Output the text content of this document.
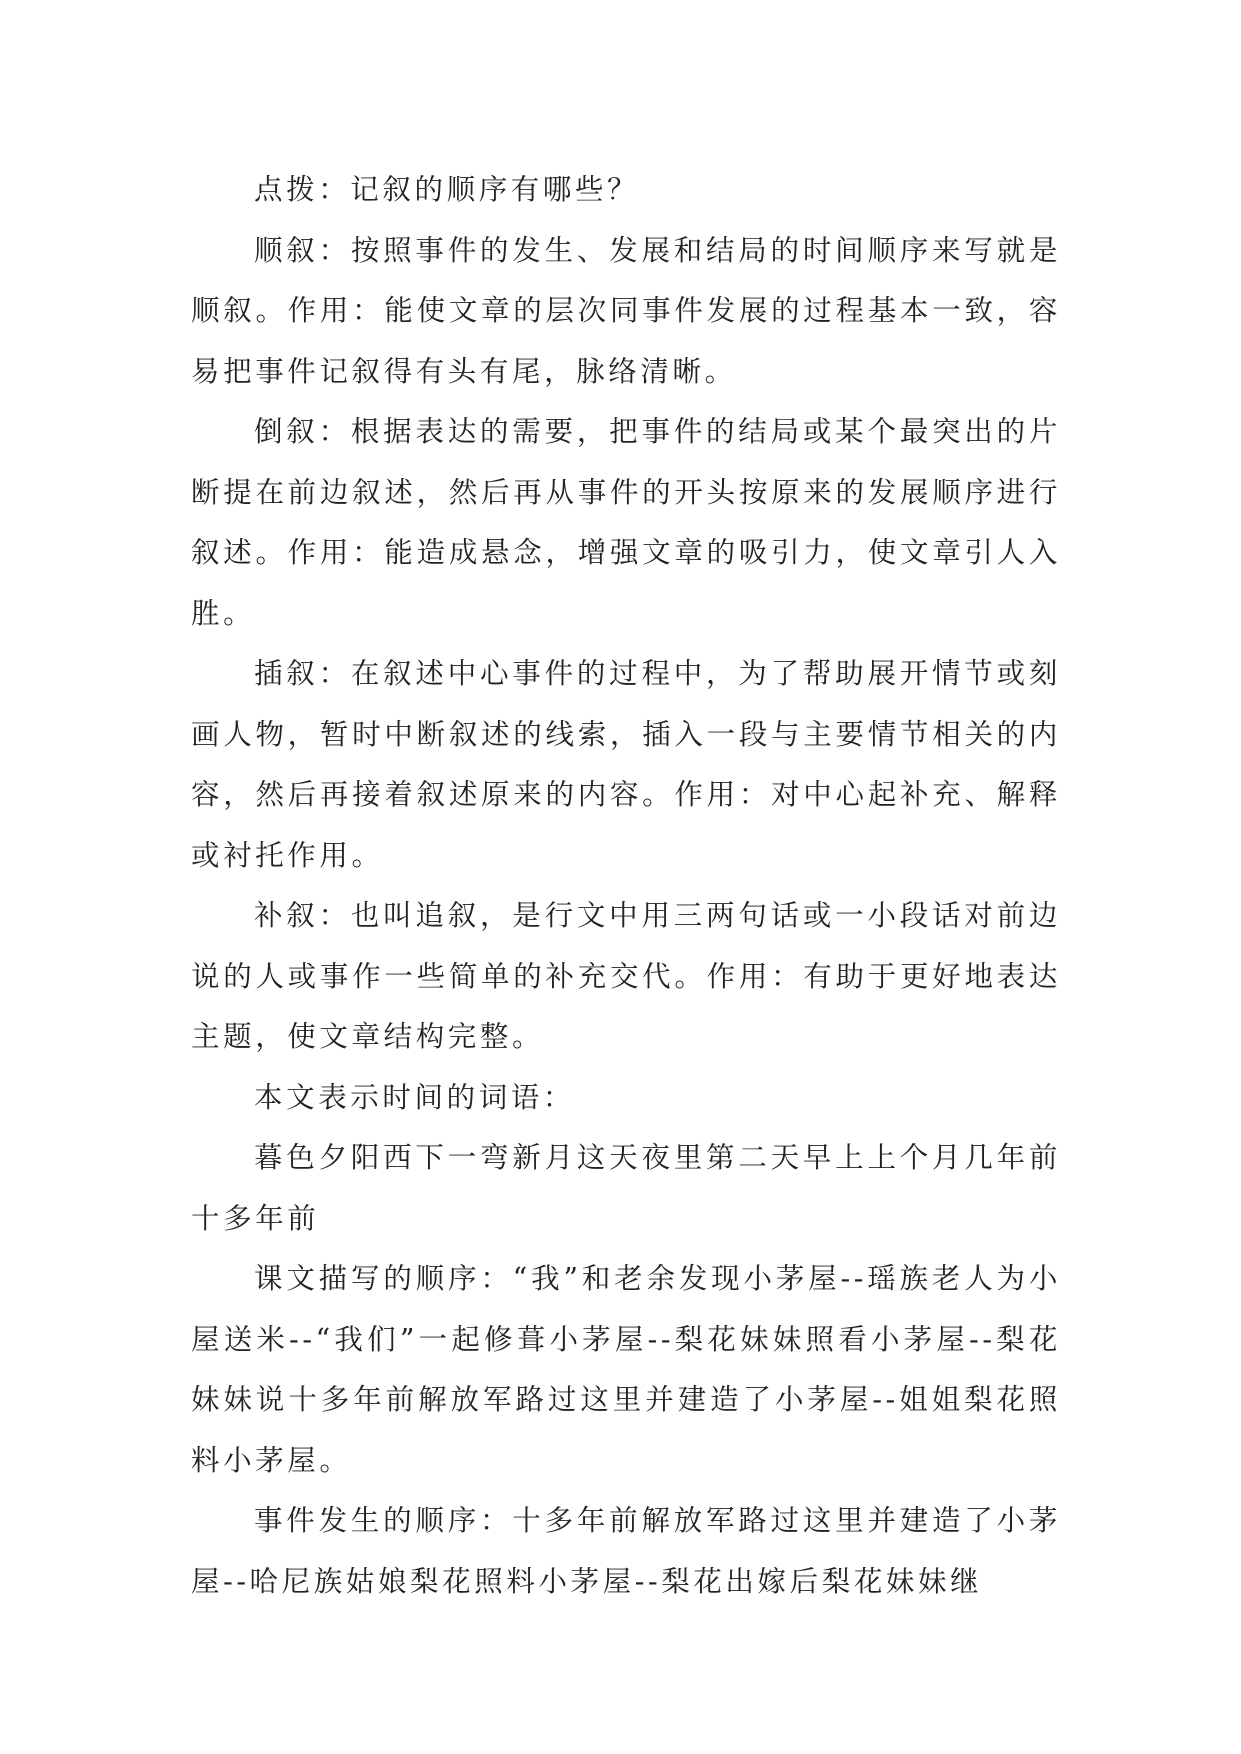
点拨：记叙的顺序有哪些？

顺叙：按照事件的发生、发展和结局的时间顺序来写就是顺叙。作用：能使文章的层次同事件发展的过程基本一致，容易把事件记叙得有头有尾，脉络清晰。

倒叙：根据表达的需要，把事件的结局或某个最突出的片断提在前边叙述，然后再从事件的开头按原来的发展顺序进行叙述。作用：能造成悬念，增强文章的吸引力，使文章引人入胜。

插叙：在叙述中心事件的过程中，为了帮助展开情节或刻画人物，暂时中断叙述的线索，插入一段与主要情节相关的内容，然后再接着叙述原来的内容。作用：对中心起补充、解释或衬托作用。

补叙：也叫追叙，是行文中用三两句话或一小段话对前边说的人或事作一些简单的补充交代。作用：有助于更好地表达主题，使文章结构完整。

本文表示时间的词语：

暮色夕阳西下一弯新月这天夜里第二天早上上个月几年前十多年前

课文描写的顺序：“我”和老余发现小茅屋--瑶族老人为小屋送米--“我们”一起修葺小茅屋--梨花妹妹照看小茅屋--梨花妹妹说十多年前解放军路过这里并建造了小茅屋--姐姐梨花照料小茅屋。

事件发生的顺序：十多年前解放军路过这里并建造了小茅屋--哈尼族姑娘梨花照料小茅屋--梨花出嫁后梨花妹妹继
